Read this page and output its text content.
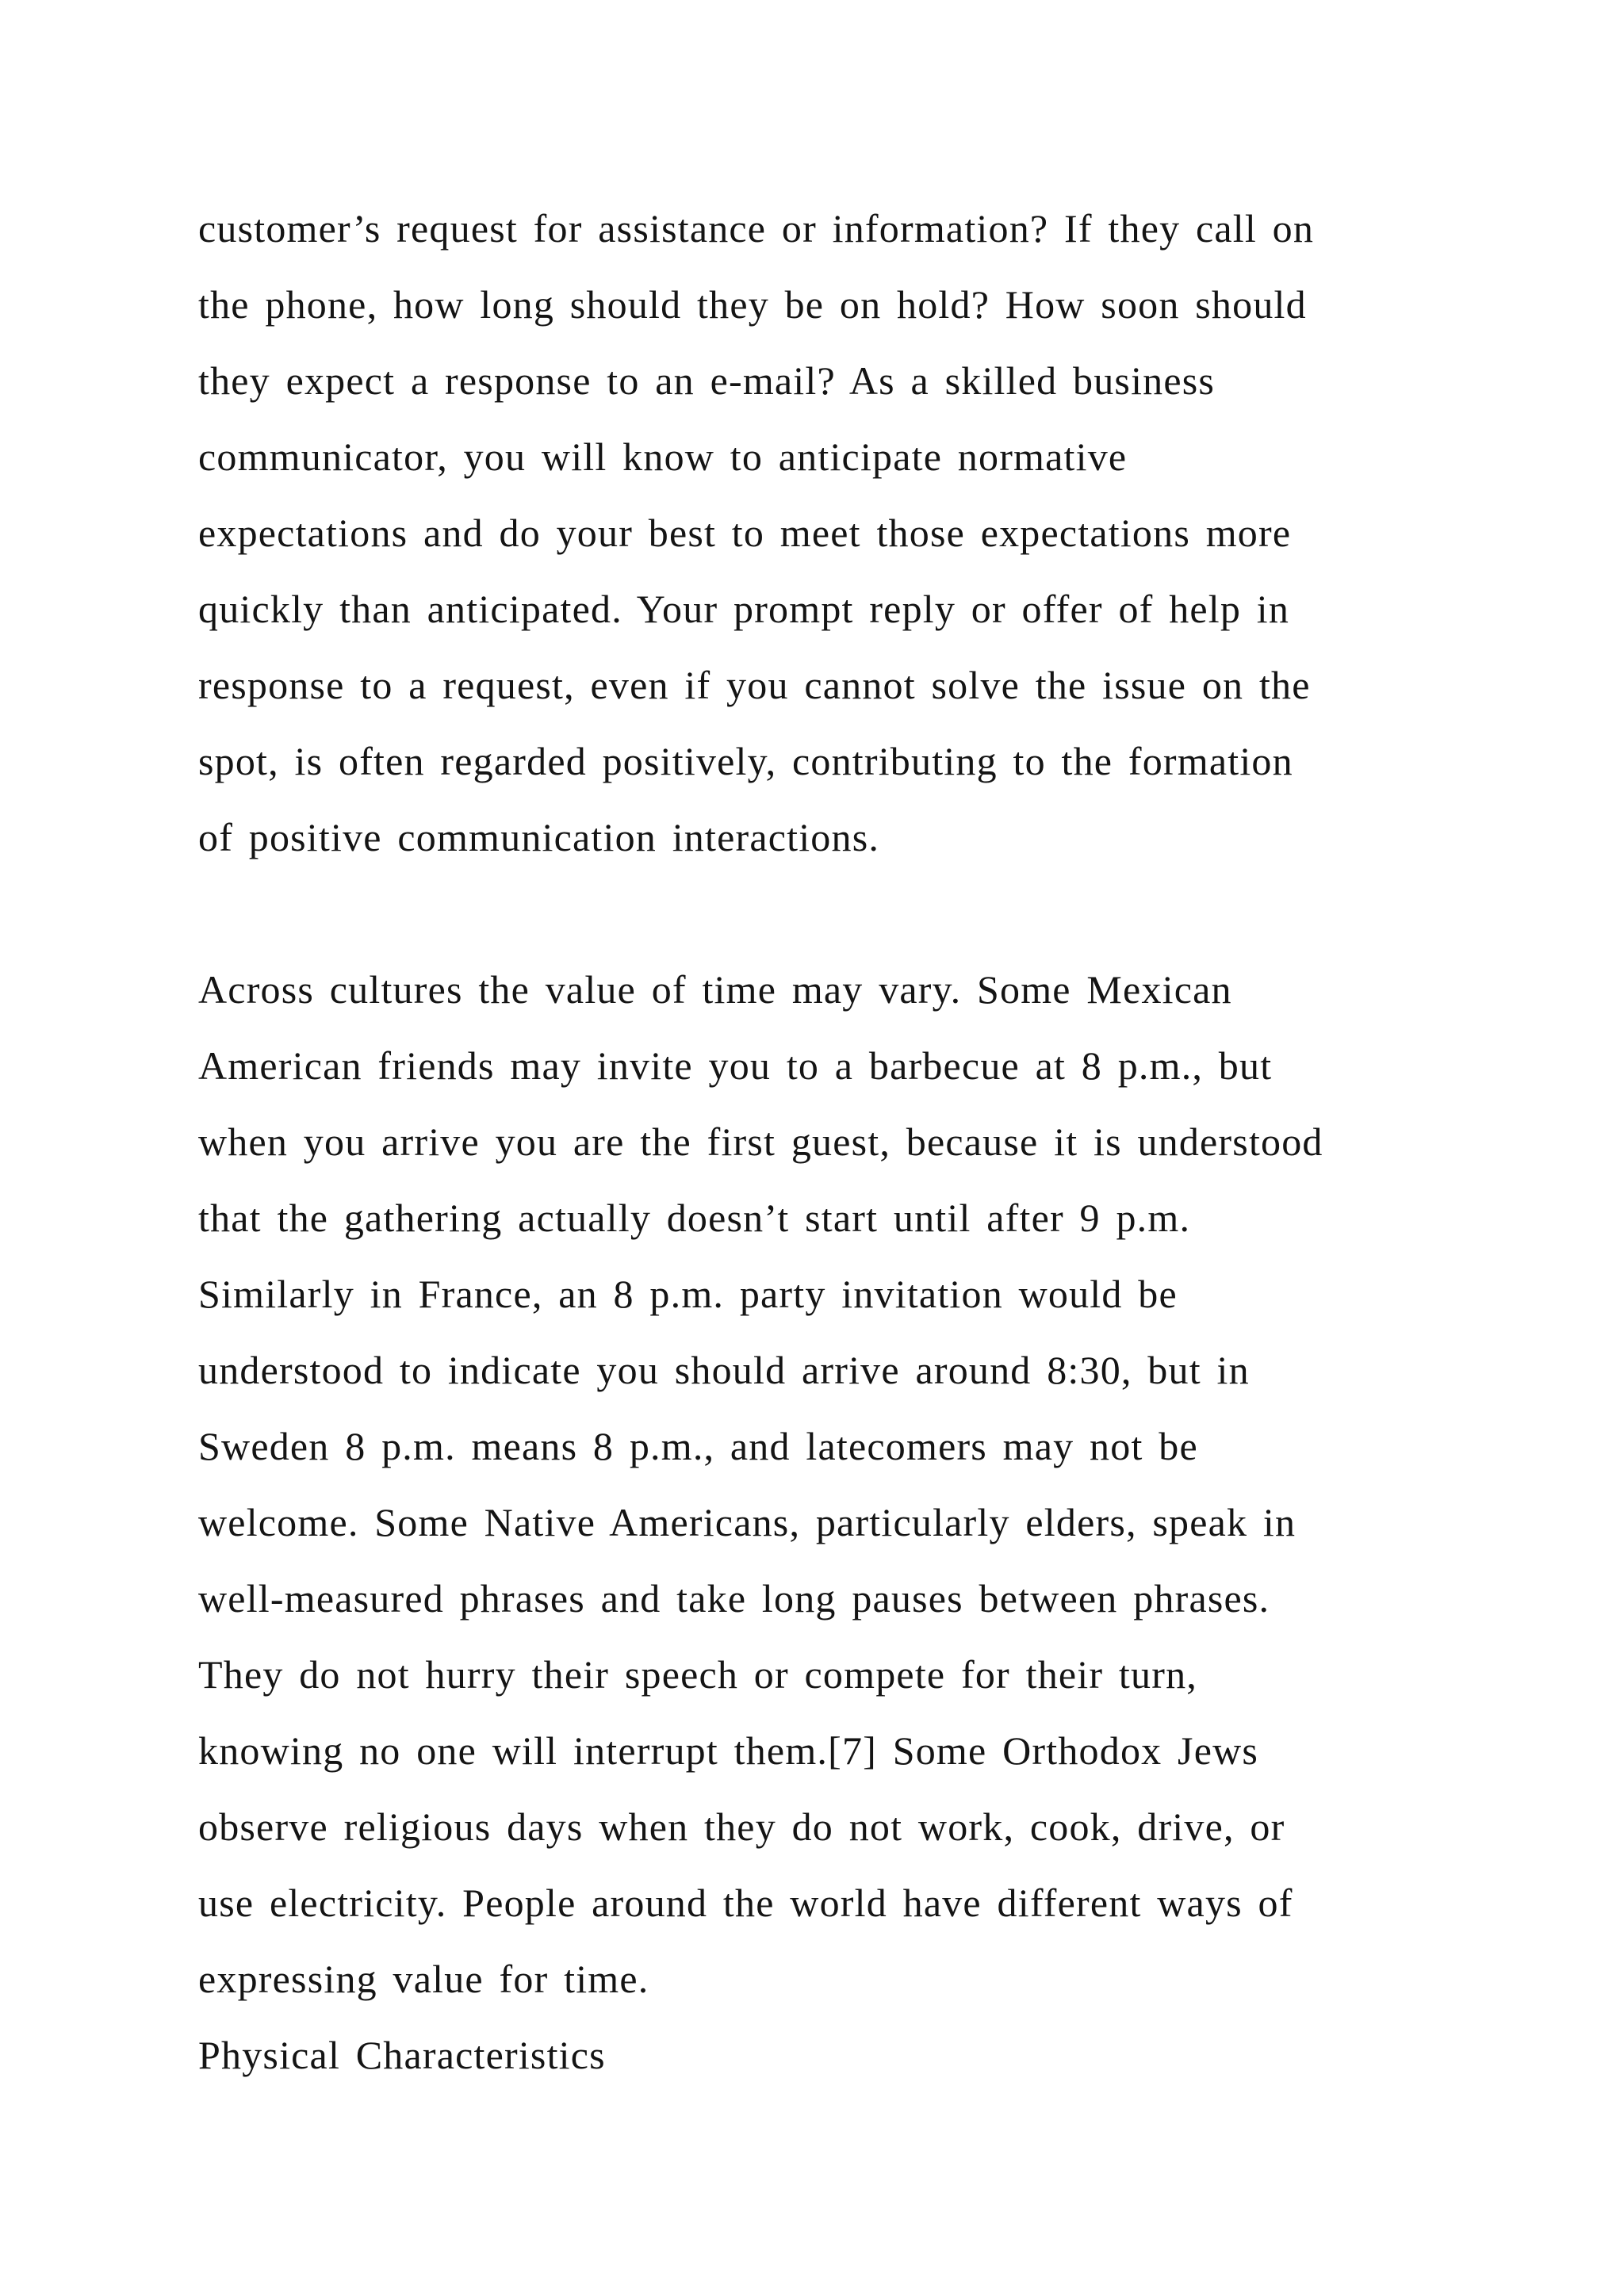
customer’s request for assistance or information? If they call on
the phone, how long should they be on hold? How soon should
they expect a response to an e-mail? As a skilled business
communicator, you will know to anticipate normative
expectations and do your best to meet those expectations more
quickly than anticipated. Your prompt reply or offer of help in
response to a request, even if you cannot solve the issue on the
spot, is often regarded positively, contributing to the formation
of positive communication interactions.
Across cultures the value of time may vary. Some Mexican
American friends may invite you to a barbecue at 8 p.m., but
when you arrive you are the first guest, because it is understood
that the gathering actually doesn’t start until after 9 p.m.
Similarly in France, an 8 p.m. party invitation would be
understood to indicate you should arrive around 8:30, but in
Sweden 8 p.m. means 8 p.m., and latecomers may not be
welcome. Some Native Americans, particularly elders, speak in
well-measured phrases and take long pauses between phrases.
They do not hurry their speech or compete for their turn,
knowing no one will interrupt them.[7] Some Orthodox Jews
observe religious days when they do not work, cook, drive, or
use electricity. People around the world have different ways of
expressing value for time.
Physical Characteristics
